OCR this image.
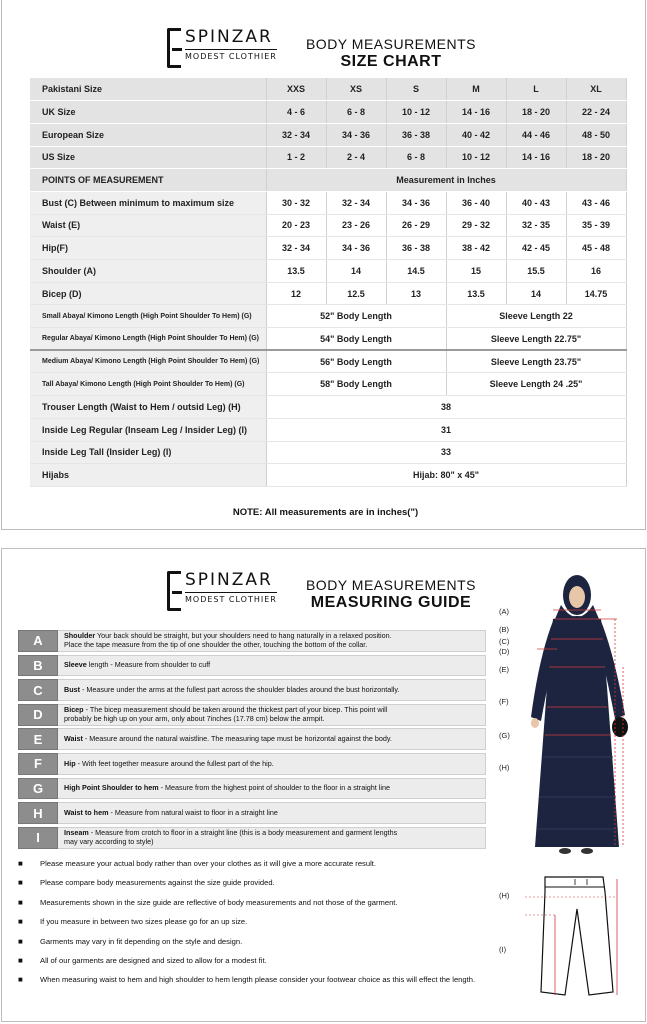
SPINZAR
MODEST CLOTHIER
BODY MEASUREMENTS
SIZE CHART
Pakistani Size	XXS	XS	S	M	L	XL
UK Size	4 - 6	6 - 8	10 - 12	14 - 16	18 - 20	22 - 24
European Size	32 - 34	34 - 36	36 - 38	40 - 42	44 - 46	48 - 50
US Size	1 - 2	2 - 4	6 - 8	10 - 12	14 - 16	18 - 20
POINTS OF MEASUREMENT	Measurement in Inches					
Bust (C) Between minimum to maximum size	30 - 32	32 - 34	34 - 36	36 - 40	40 - 43	43 - 46
Waist (E)	20 - 23	23 - 26	26 - 29	29 - 32	32 - 35	35 - 39
Hip(F)	32 - 34	34 - 36	36 - 38	38 - 42	42 - 45	45 - 48
Shoulder (A)	13.5	14	14.5	15	15.5	16
Bicep (D)	12	12.5	13	13.5	14	14.75
Small Abaya/ Kimono Length (High Point Shoulder To Hem) (G)	52" Body Length			Sleeve Length 22		
Regular Abaya/ Kimono Length (High Point Shoulder To Hem) (G)	54" Body Length			Sleeve Length 22.75"		
Medium Abaya/ Kimono Length (High Point Shoulder To Hem) (G)	56" Body Length			Sleeve Length 23.75"		
Tall Abaya/ Kimono Length (High Point Shoulder To Hem) (G)	58" Body Length			Sleeve Length 24 .25"		
Trouser Length (Waist to Hem / outsid Leg) (H)	38					
Inside Leg Regular (Inseam Leg / Insider Leg) (I)	31					
Inside Leg Tall (Insider Leg) (I)	33					
Hijabs	Hijab: 80" x 45"					
NOTE: All measurements are in inches(")
SPINZAR
MODEST CLOTHIER
BODY MEASUREMENTS
MEASURING GUIDE
A	Shoulder Your back should be straight, but your shoulders need to hang naturally in a relaxed position.
Place the tape measure from the tip of one shoulder the other, touching the bottom of the collar.
B	Sleeve length - Measure from shoulder to cuff
C	Bust - Measure under the arms at the fullest part across the shoulder blades around the bust horizontally.
D	Bicep - The bicep measurement should be taken around the thickest part of your bicep. This point will
probably be high up on your arm, only about 7inches (17.78 cm) below the armpit.
E	Waist - Measure around the natural waistline. The measuring tape must be horizontal against the body.
F	Hip - With feet together measure around the fullest part of the hip.
G	High Point Shoulder to hem - Measure from the highest point of shoulder to the floor in a straight line
H	Waist to hem - Measure from natural waist to floor in a straight line
I	Inseam - Measure from crotch to floor in a straight line (this is a body measurement and garment lengths
may vary according to style)
■	Please measure your actual body rather than over your clothes as it will give a more accurate result.
■	Please compare body measurements against the size guide provided.
■	Measurements shown in the size guide are reflective of body measurements and not those of the garment.
■	If you measure in between two sizes please go for an up size.
■	Garments may vary in fit depending on the style and design.
■	All of our garments are designed and sized to allow for a modest fit.
■ When measuring waist to hem and high shoulder to hem length please consider your footwear choice as this will effect the length.
(A)
(B)
(C)
(D)
(E)
(F)
(G)
(H)
(H)
(I)
